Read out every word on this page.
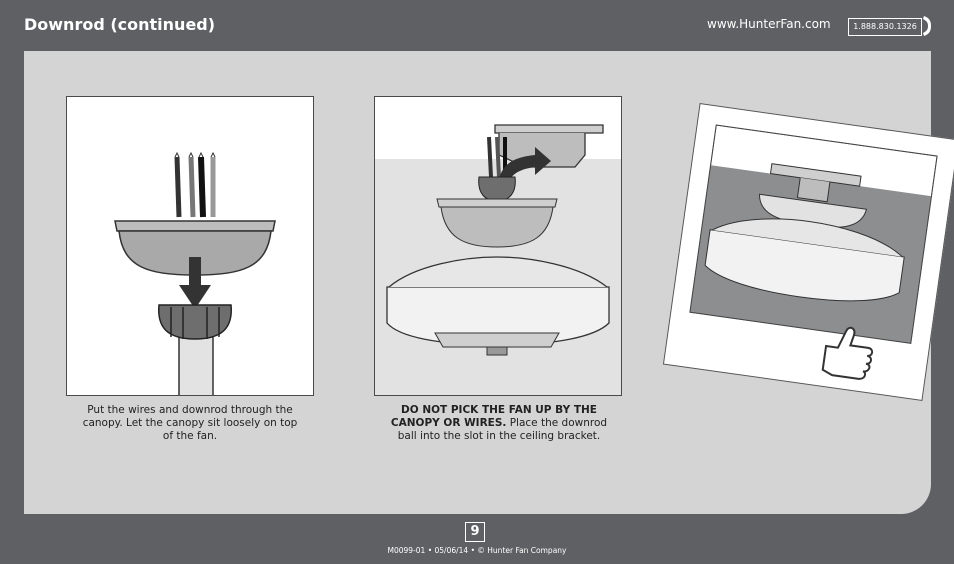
Downrod (continued)	www.HunterFan.com	1.888.830.1326
Put the wires and downrod through the canopy. Let the canopy sit loosely on top of the fan.
DO NOT PICK THE FAN UP BY THE CANOPY OR WIRES. Place the downrod ball into the slot in the ceiling bracket.
9
M0099-01 • 05/06/14 • © Hunter Fan Company
